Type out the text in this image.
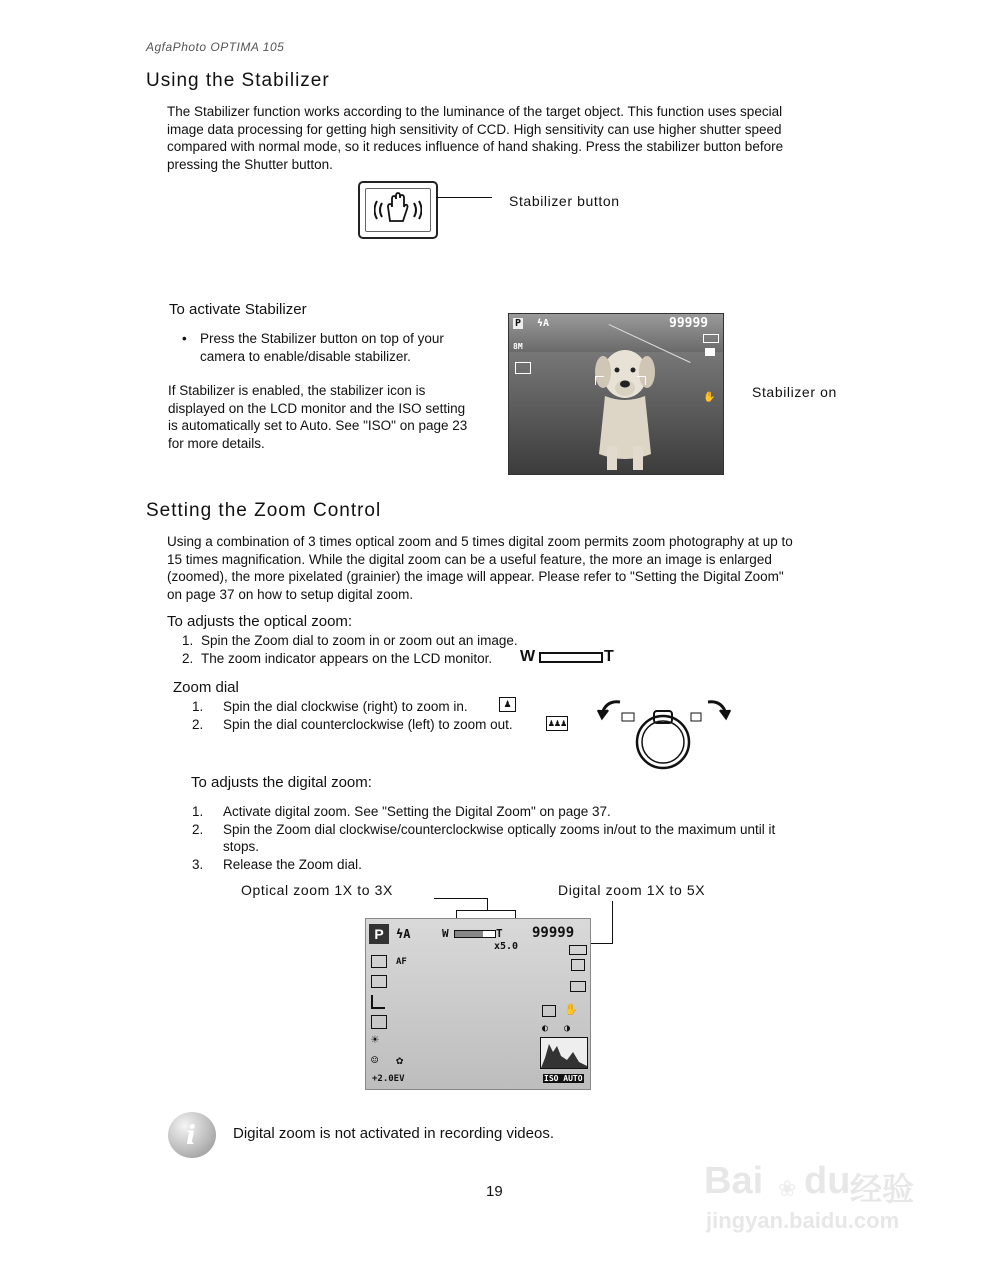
AgfaPhoto OPTIMA 105
Using the Stabilizer
The Stabilizer function works according to the luminance of the target object. This function uses special
image data processing for getting high sensitivity of CCD. High sensitivity can use higher shutter speed
compared with normal mode, so it reduces influence of hand shaking. Press the stabilizer button before
pressing the Shutter button.
Stabilizer button
To activate Stabilizer
• Press the Stabilizer button on top of your
camera to enable/disable stabilizer.
If Stabilizer is enabled, the stabilizer icon is
displayed on the LCD monitor and the ISO setting
is automatically set to Auto. See "ISO" on page 23
for more details.
P ϟA	99999
8M
✋	Stabilizer on
Setting the Zoom Control
Using a combination of 3 times optical zoom and 5 times digital zoom permits zoom photography at up to
15 times magnification. While the digital zoom can be a useful feature, the more an image is enlarged
(zoomed), the more pixelated (grainier) the image will appear. Please refer to "Setting the Digital Zoom"
on page 37 on how to setup digital zoom.
To adjusts the optical zoom:
1. Spin the Zoom dial to zoom in or zoom out an image.
2. The zoom indicator appears on the LCD monitor.	W	T
Zoom dial
1. Spin the dial clockwise (right) to zoom in.
2. Spin the dial counterclockwise (left) to zoom out.
♟
♟♟♟
To adjusts the digital zoom:
1. Activate digital zoom. See "Setting the Digital Zoom" on page 37.
2. Spin the Zoom dial clockwise/counterclockwise optically zooms in/out to the maximum until it
stops.
3. Release the Zoom dial.
Optical zoom 1X to 3X	Digital zoom 1X to 5X
P	ϟA	W	T 99999
x5.0
AF
✋
☀
◐ ◑
☺ ✿
+2.0EV	ISO AUTO
i Digital zoom is not activated in recording videos.
19	Bai ❀ du 经验
jingyan.baidu.com
